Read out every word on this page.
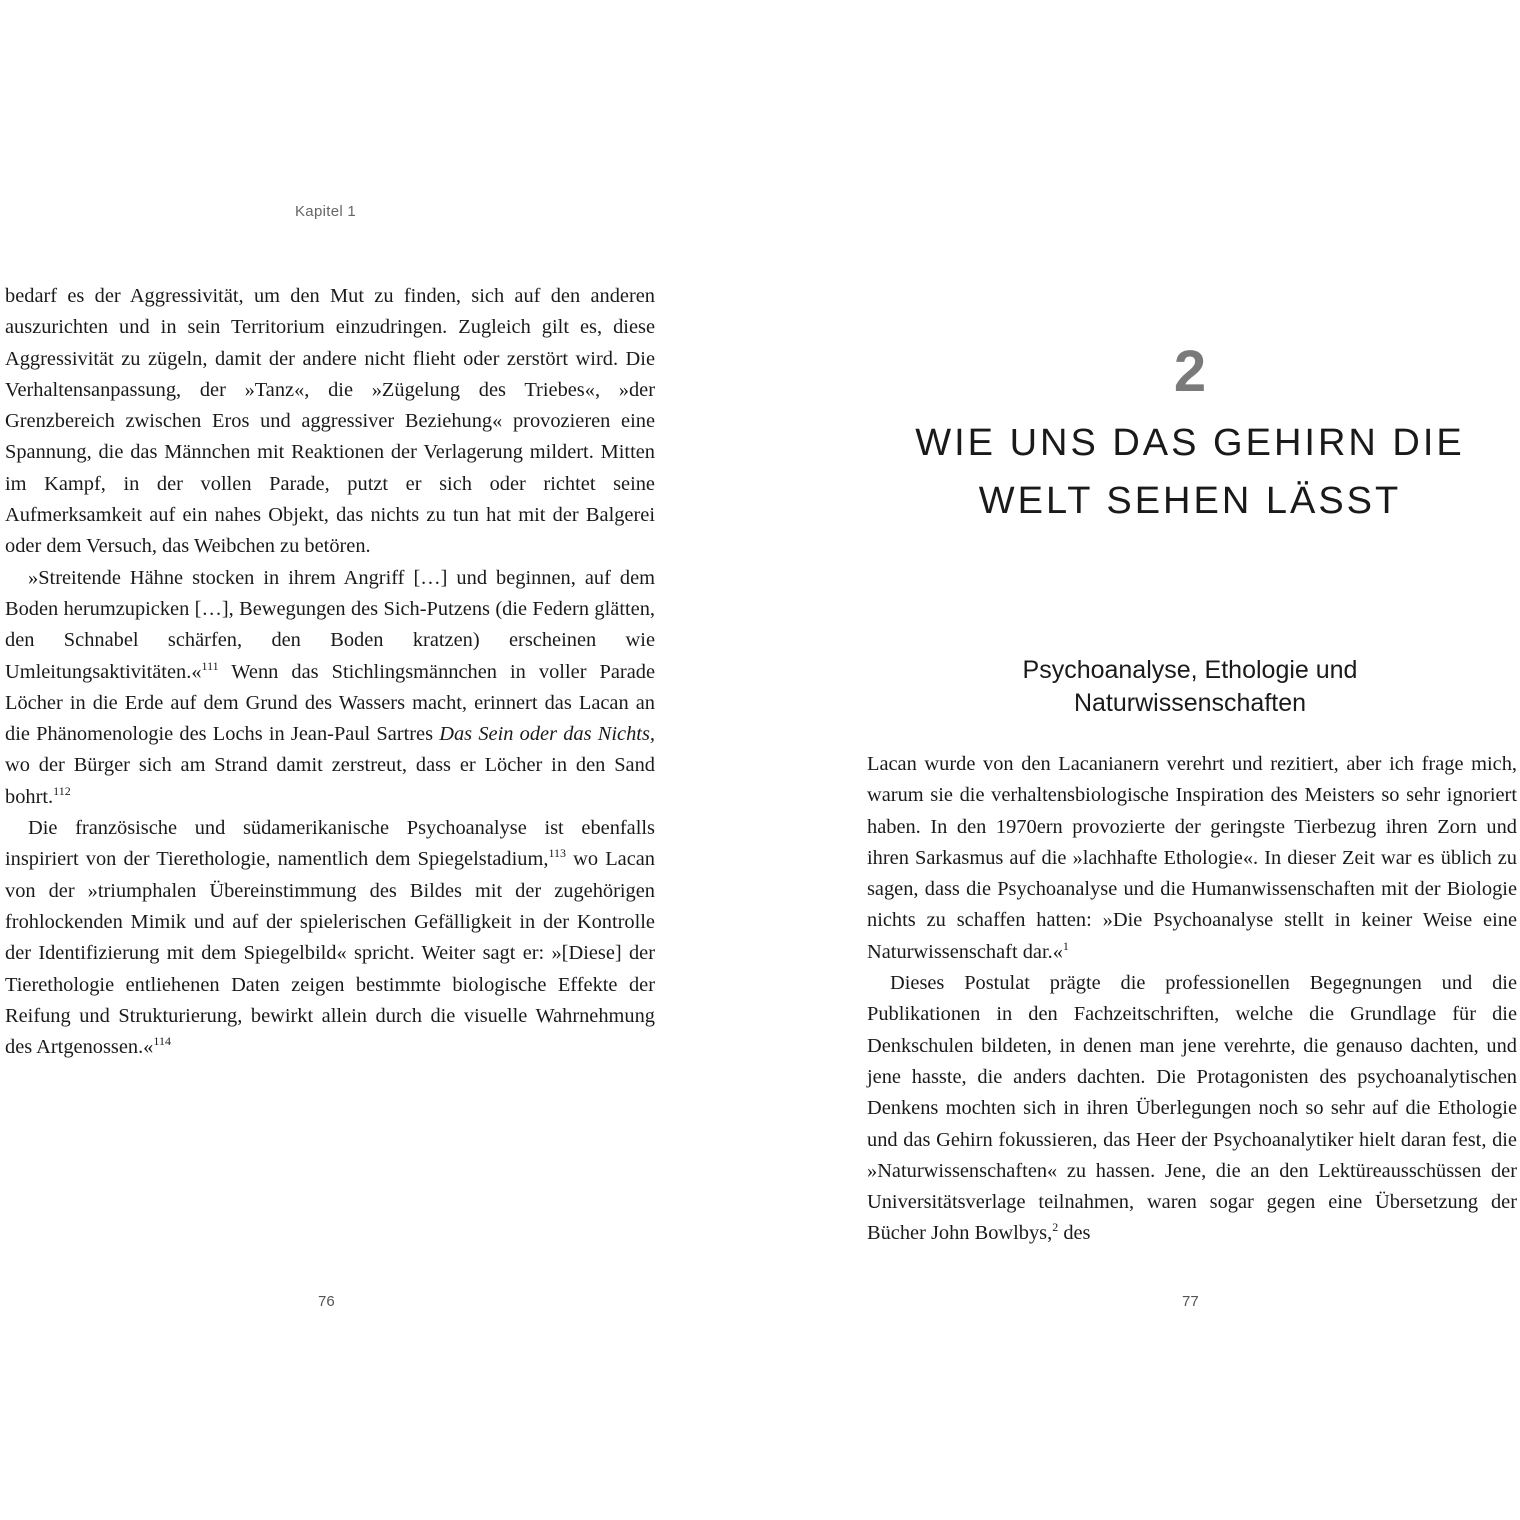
Kapitel 1

bedarf es der Aggressivität, um den Mut zu finden, sich auf den anderen auszurichten und in sein Territorium einzudringen. Zugleich gilt es, diese Aggressivität zu zügeln, damit der andere nicht flieht oder zerstört wird. Die Verhaltensanpassung, der »Tanz«, die »Zügelung des Triebes«, »der Grenzbereich zwischen Eros und aggressiver Beziehung« provozieren eine Spannung, die das Männchen mit Reaktionen der Verlagerung mildert. Mitten im Kampf, in der vollen Parade, putzt er sich oder richtet seine Aufmerksamkeit auf ein nahes Objekt, das nichts zu tun hat mit der Balgerei oder dem Versuch, das Weibchen zu betören.

»Streitende Hähne stocken in ihrem Angriff […] und beginnen, auf dem Boden herumzupicken […], Bewegungen des Sich-Putzens (die Federn glätten, den Schnabel schärfen, den Boden kratzen) erscheinen wie Umleitungsaktivitäten.«$^{111}$ Wenn das Stichlingsmännchen in voller Parade Löcher in die Erde auf dem Grund des Wassers macht, erinnert das Lacan an die Phänomenologie des Lochs in Jean-Paul Sartres Das Sein oder das Nichts, wo der Bürger sich am Strand damit zerstreut, dass er Löcher in den Sand bohrt.$^{112}$

Die französische und südamerikanische Psychoanalyse ist ebenfalls inspiriert von der Tierethologie, namentlich dem Spiegelstadium,$^{113}$ wo Lacan von der »triumphalen Übereinstimmung des Bildes mit der zugehörigen frohlockenden Mimik und auf der spielerischen Gefälligkeit in der Kontrolle der Identifizierung mit dem Spiegelbild« spricht. Weiter sagt er: »[Diese] der Tierethologie entliehenen Daten zeigen bestimmte biologische Effekte der Reifung und Strukturierung, bewirkt allein durch die visuelle Wahrnehmung des Artgenossen.«$^{114}$

76
2
WIE UNS DAS GEHIRN DIE
WELT SEHEN LÄSST
Psychoanalyse, Ethologie und
Naturwissenschaften

Lacan wurde von den Lacanianern verehrt und rezitiert, aber ich frage mich, warum sie die verhaltensbiologische Inspiration des Meisters so sehr ignoriert haben. In den 1970ern provozierte der geringste Tierbezug ihren Zorn und ihren Sarkasmus auf die »lachhafte Ethologie«. In dieser Zeit war es üblich zu sagen, dass die Psychoanalyse und die Humanwissenschaften mit der Biologie nichts zu schaffen hatten: »Die Psychoanalyse stellt in keiner Weise eine Naturwissenschaft dar.«$^1$

Dieses Postulat prägte die professionellen Begegnungen und die Publikationen in den Fachzeitschriften, welche die Grundlage für die Denkschulen bildeten, in denen man jene verehrte, die genauso dachten, und jene hasste, die anders dachten. Die Protagonisten des psychoanalytischen Denkens mochten sich in ihren Überlegungen noch so sehr auf die Ethologie und das Gehirn fokussieren, das Heer der Psychoanalytiker hielt daran fest, die »Naturwissenschaften« zu hassen. Jene, die an den Lektüreausschüssen der Universitätsverlage teilnahmen, waren sogar gegen eine Übersetzung der Bücher John Bowlbys,$^2$ des

77
